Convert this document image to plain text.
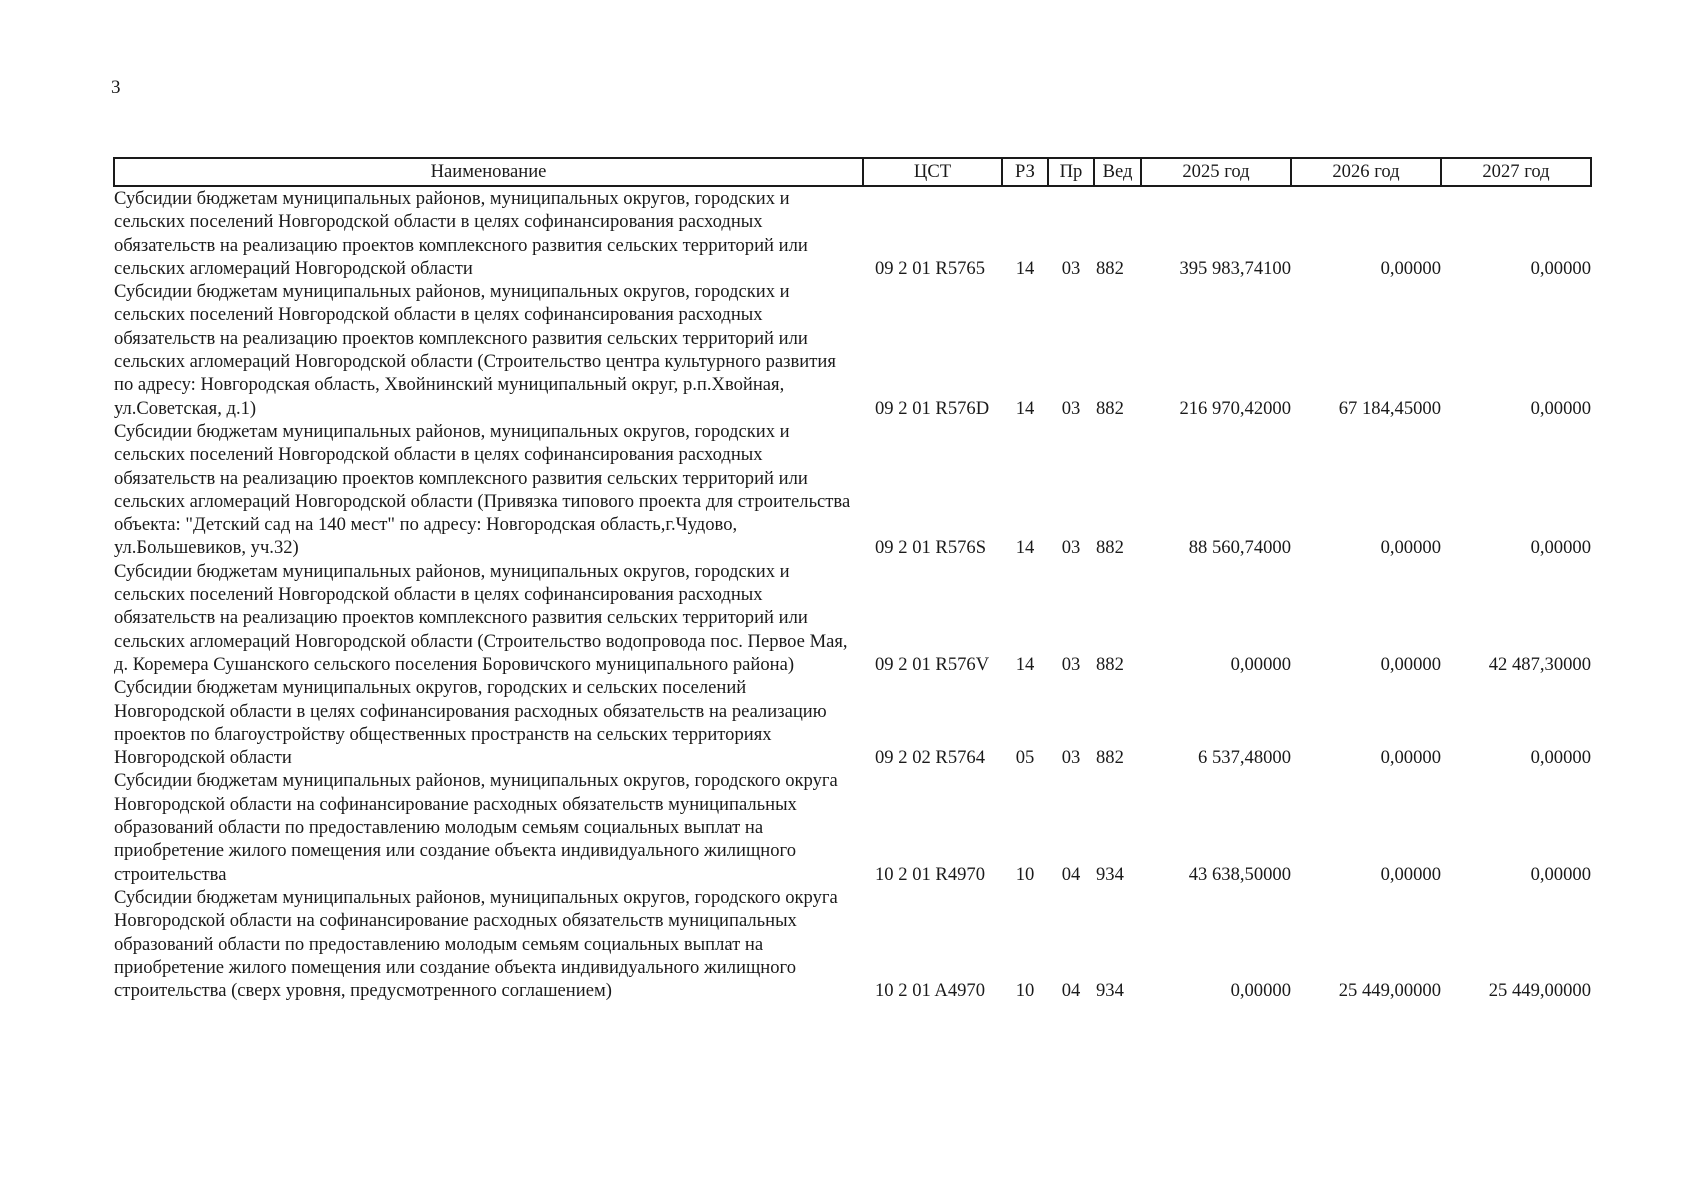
3
Наименование	ЦСТ	РЗ	Пр	Вед	2025 год	2026 год	2027 год
Субсидии бюджетам муниципальных районов, муниципальных округов, городских и сельских поселений Новгородской области в целях софинансирования расходных обязательств на реализацию проектов комплексного развития сельских территорий или сельских агломераций Новгородской области	09 2 01 R5765	14	03	882	395 983,74100	0,00000	0,00000
Субсидии бюджетам муниципальных районов, муниципальных округов, городских и сельских поселений Новгородской области в целях софинансирования расходных обязательств на реализацию проектов комплексного развития сельских территорий или сельских агломераций Новгородской области (Строительство центра культурного развития по адресу: Новгородская область, Хвойнинский муниципальный округ, р.п.Хвойная, ул.Советская, д.1)	09 2 01 R576D	14	03	882	216 970,42000	67 184,45000	0,00000
Субсидии бюджетам муниципальных районов, муниципальных округов, городских и сельских поселений Новгородской области в целях софинансирования расходных обязательств на реализацию проектов комплексного развития сельских территорий или сельских агломераций Новгородской области (Привязка типового проекта для строительства объекта: "Детский сад на 140 мест" по адресу: Новгородская область,г.Чудово, ул.Большевиков, уч.32)	09 2 01 R576S	14	03	882	88 560,74000	0,00000	0,00000
Субсидии бюджетам муниципальных районов, муниципальных округов, городских и сельских поселений Новгородской области в целях софинансирования расходных обязательств на реализацию проектов комплексного развития сельских территорий или сельских агломераций Новгородской области (Строительство водопровода пос. Первое Мая, д. Коремера Сушанского сельского поселения Боровичского муниципального района)	09 2 01 R576V	14	03	882	0,00000	0,00000	42 487,30000
Субсидии бюджетам муниципальных округов, городских и сельских поселений Новгородской области в целях софинансирования расходных обязательств на реализацию проектов по благоустройству общественных пространств на сельских территориях Новгородской области	09 2 02 R5764	05	03	882	6 537,48000	0,00000	0,00000
Субсидии бюджетам муниципальных районов, муниципальных округов, городского округа Новгородской области на софинансирование расходных обязательств муниципальных образований области по предоставлению молодым семьям социальных выплат на приобретение жилого помещения или создание объекта индивидуального жилищного строительства	10 2 01 R4970	10	04	934	43 638,50000	0,00000	0,00000
Субсидии бюджетам муниципальных районов, муниципальных округов, городского округа Новгородской области на софинансирование расходных обязательств муниципальных образований области по предоставлению молодым семьям социальных выплат на приобретение жилого помещения или создание объекта индивидуального жилищного строительства (сверх уровня, предусмотренного соглашением)	10 2 01 A4970	10	04	934	0,00000	25 449,00000	25 449,00000
